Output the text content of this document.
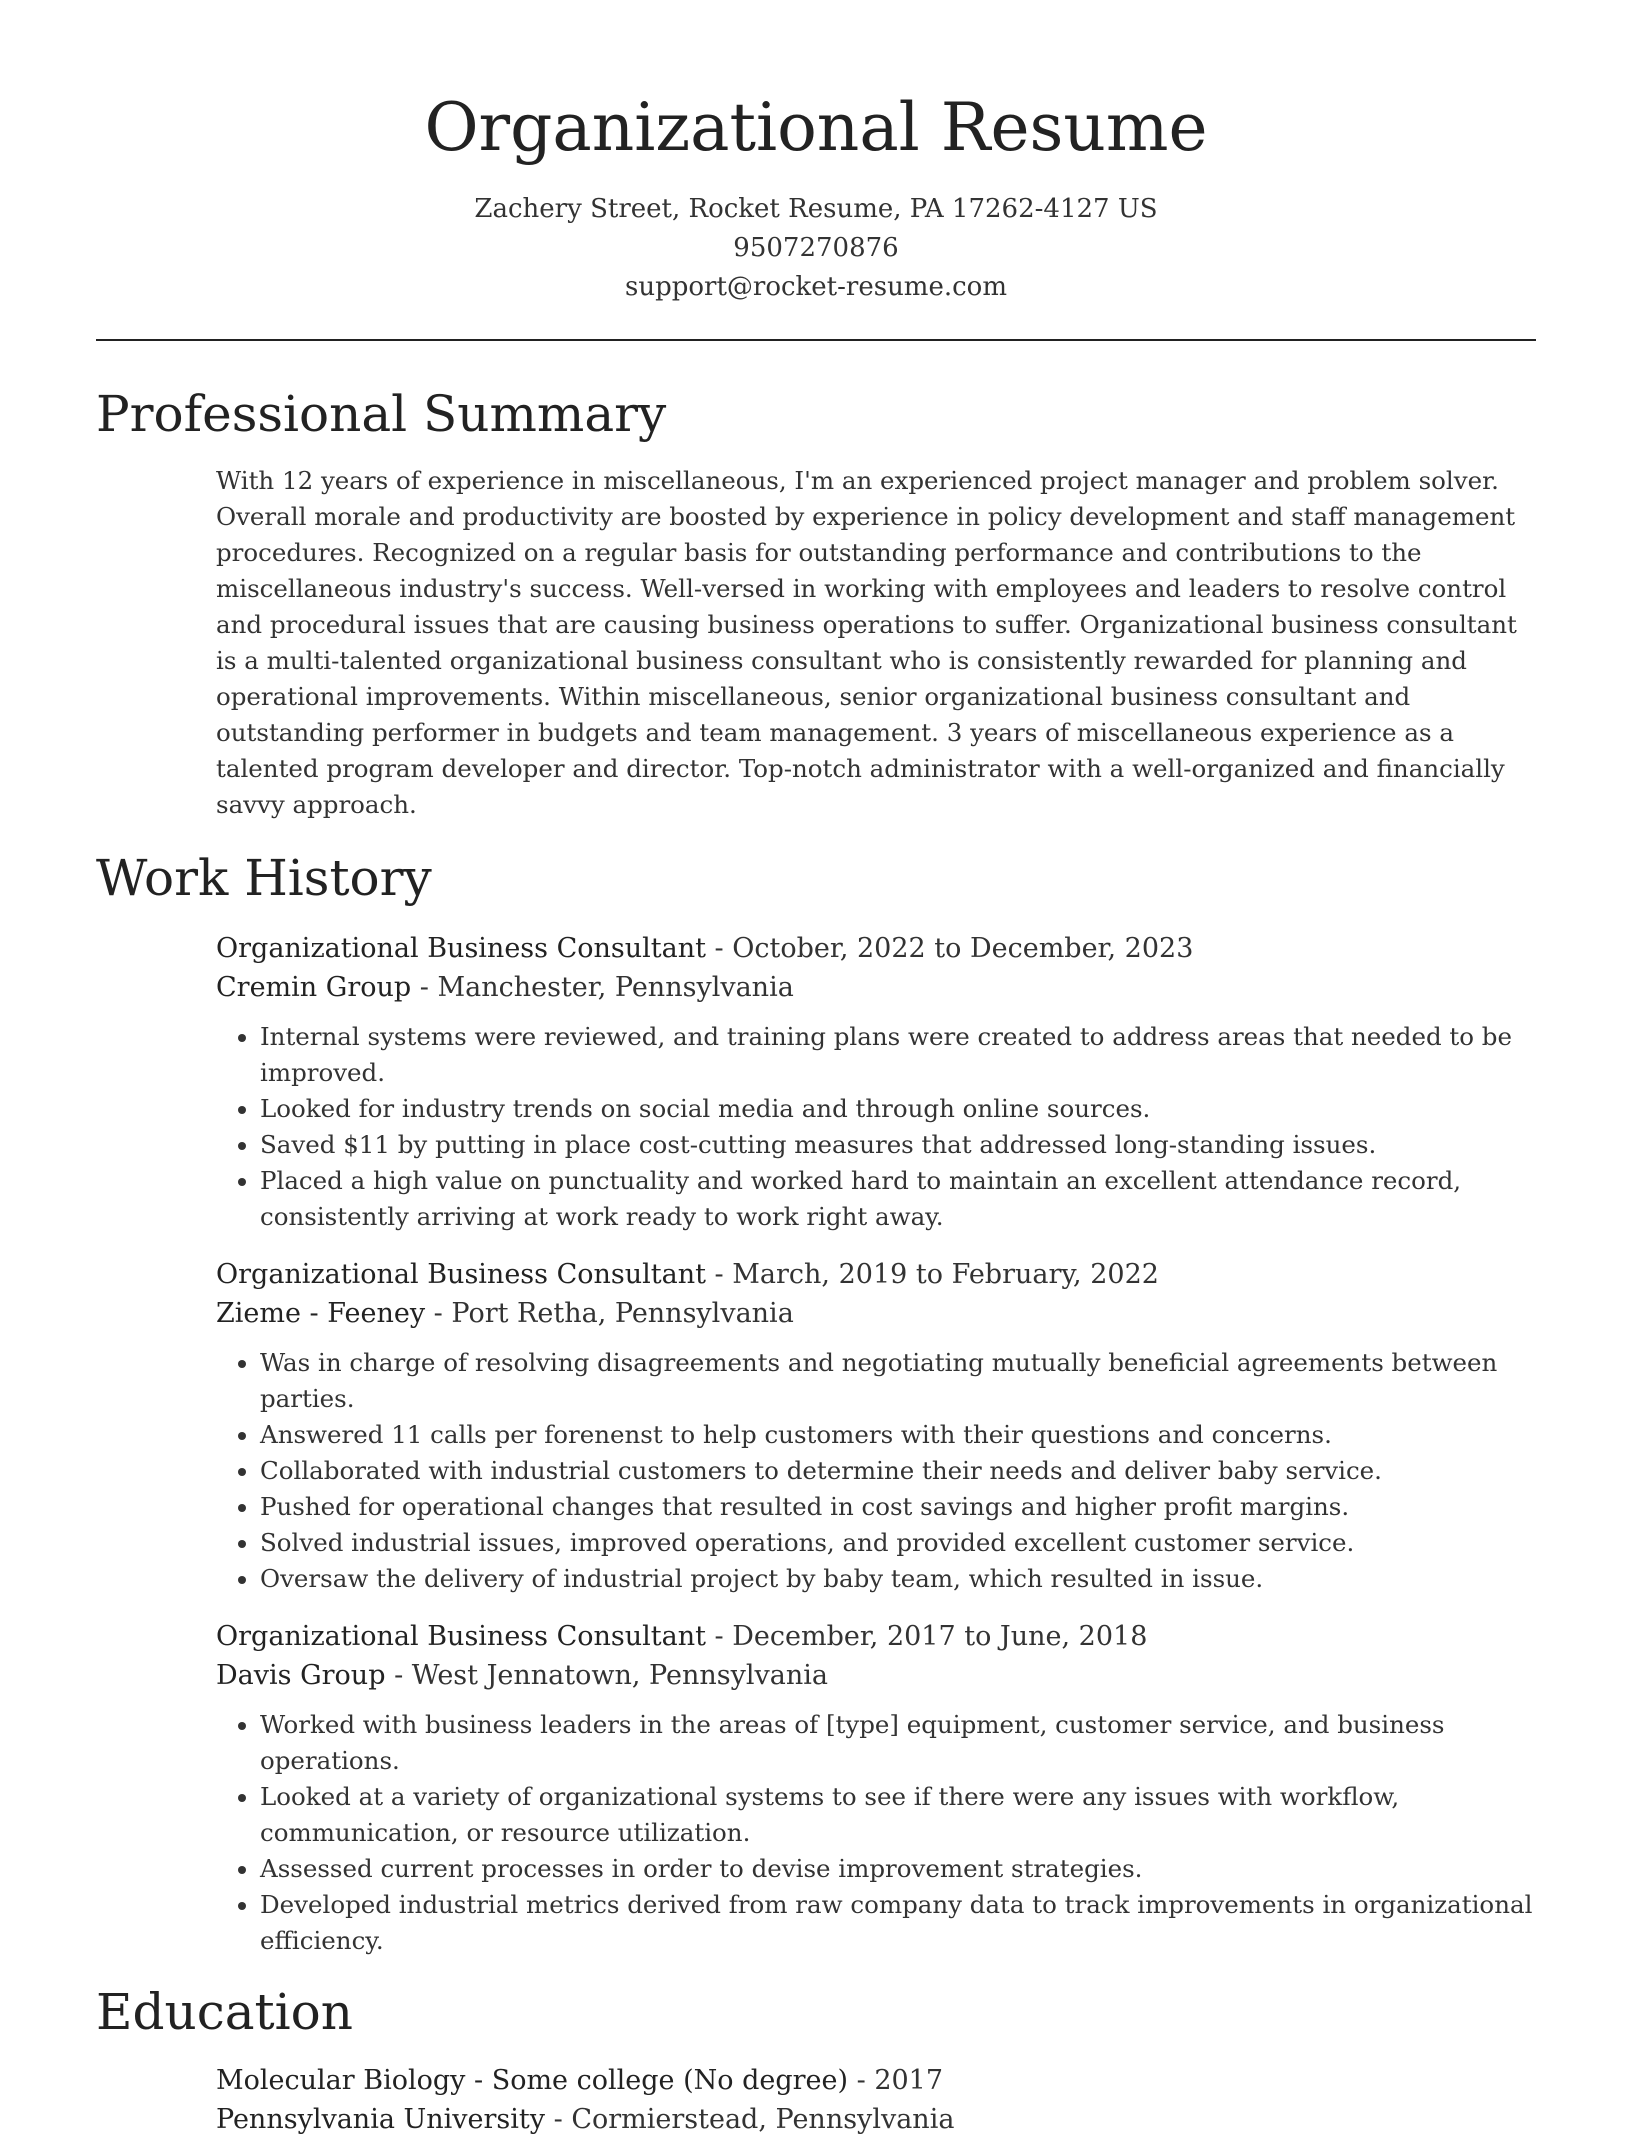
Organizational Resume
Zachery Street, Rocket Resume, PA 17262-4127 US
9507270876
support@rocket-resume.com
Professional Summary

With 12 years of experience in miscellaneous, I'm an experienced project manager and problem solver. Overall morale and productivity are boosted by experience in policy development and staff management procedures. Recognized on a regular basis for outstanding performance and contributions to the miscellaneous industry's success. Well-versed in working with employees and leaders to resolve control and procedural issues that are causing business operations to suffer. Organizational business consultant is a multi-talented organizational business consultant who is consistently rewarded for planning and operational improvements. Within miscellaneous, senior organizational business consultant and outstanding performer in budgets and team management. 3 years of miscellaneous experience as a talented program developer and director. Top-notch administrator with a well-organized and financially savvy approach.

Work History
Organizational Business Consultant - October, 2022 to December, 2023
Cremin Group - Manchester, Pennsylvania
• Internal systems were reviewed, and training plans were created to address areas that needed to be improved.
• Looked for industry trends on social media and through online sources.
• Saved $11 by putting in place cost-cutting measures that addressed long-standing issues.
• Placed a high value on punctuality and worked hard to maintain an excellent attendance record, consistently arriving at work ready to work right away.
Organizational Business Consultant - March, 2019 to February, 2022
Zieme - Feeney - Port Retha, Pennsylvania
• Was in charge of resolving disagreements and negotiating mutually beneficial agreements between parties.
• Answered 11 calls per forenenst to help customers with their questions and concerns.
• Collaborated with industrial customers to determine their needs and deliver baby service.
• Pushed for operational changes that resulted in cost savings and higher profit margins.
• Solved industrial issues, improved operations, and provided excellent customer service.
• Oversaw the delivery of industrial project by baby team, which resulted in issue.
Organizational Business Consultant - December, 2017 to June, 2018
Davis Group - West Jennatown, Pennsylvania
• Worked with business leaders in the areas of [type] equipment, customer service, and business operations.
• Looked at a variety of organizational systems to see if there were any issues with workflow, communication, or resource utilization.
• Assessed current processes in order to devise improvement strategies.
• Developed industrial metrics derived from raw company data to track improvements in organizational efficiency.
Education
Molecular Biology - Some college (No degree) - 2017
Pennsylvania University - Cormierstead, Pennsylvania
